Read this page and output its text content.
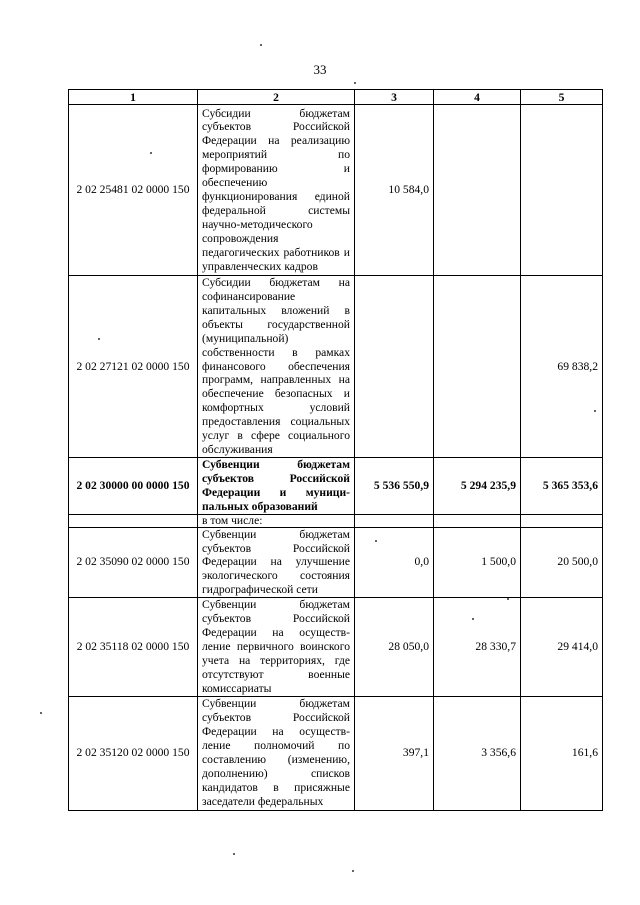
33
1	2	3	4	5
2 02 25481 02 0000 150	Субсидии бюджетам субъектов Российской Федерации на реализацию мероприятий по формированию и обеспечению функционирования единой федеральной системы научно-методического сопровождения педагогических работников и управленческих кадров	10 584,0		
2 02 27121 02 0000 150	Субсидии бюджетам на софинансирование капитальных вложений в объекты государственной (муниципальной) собственности в рамках финансового обеспечения программ, направленных на обеспечение безопасных и комфортных условий предоставления социальных услуг в сфере социального обслуживания			69 838,2
2 02 30000 00 0000 150	Субвенции бюджетам субъектов Российской Федерации и муници-пальных образований	5 536 550,9	5 294 235,9	5 365 353,6
	в том числе:			
2 02 35090 02 0000 150	Субвенции бюджетам субъектов Российской Федерации на улучшение экологического состояния гидрографической сети	0,0	1 500,0	20 500,0
2 02 35118 02 0000 150	Субвенции бюджетам субъектов Российской Федерации на осуществ-ление первичного воинского учета на территориях, где отсутствуют военные комиссариаты	28 050,0	28 330,7	29 414,0
2 02 35120 02 0000 150	Субвенции бюджетам субъектов Российской Федерации на осуществ-ление полномочий по составлению (изменению, дополнению) списков кандидатов в присяжные заседатели федеральных	397,1	3 356,6	161,6
